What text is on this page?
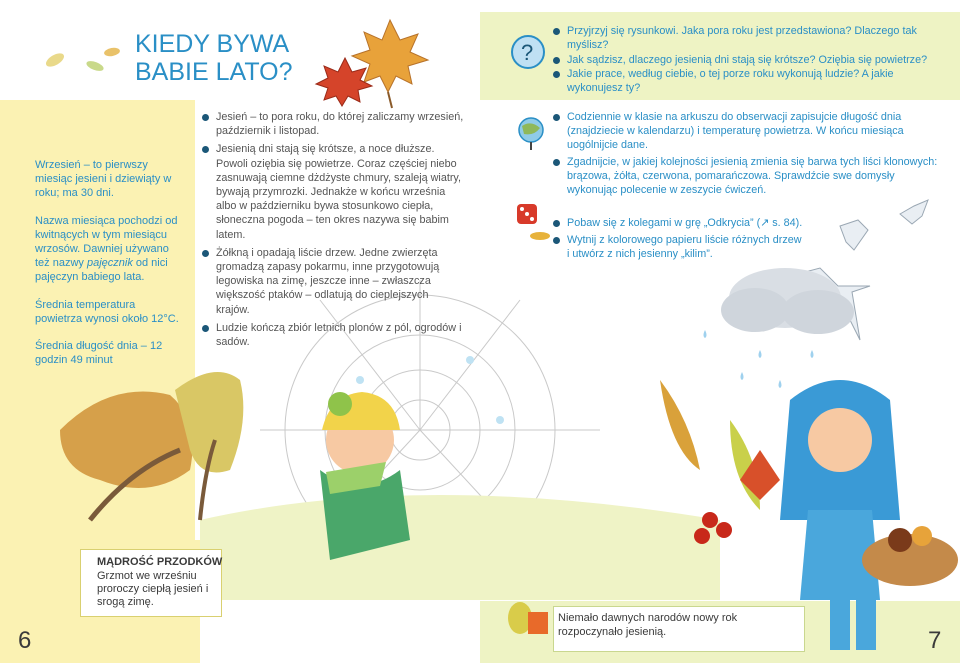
?
KIEDY BYWA
BABIE LATO?

Wrzesień – to pierwszy miesiąc jesieni i dziewiąty w roku; ma 30 dni.

Nazwa miesiąca pochodzi od kwitnących w tym miesiącu wrzosów. Dawniej używano też nazwy pajęcznik od nici pajęczyn babiego lata.

Średnia temperatura powietrza wynosi około 12°C.

Średnia długość dnia – 12 godzin 49 minut

Przyjrzyj się rysunkowi. Jaka pora roku jest przedstawiona? Dlaczego tak myślisz?
Jak sądzisz, dlaczego jesienią dni stają się krótsze? Oziębia się powietrze?
Jakie prace, według ciebie, o tej porze roku wykonują ludzie? A jakie wykonujesz ty?
Jesień – to pora roku, do której zaliczamy wrzesień, październik i listopad.
Jesienią dni stają się krótsze, a noce dłuższe. Powoli oziębia się powietrze. Coraz częściej niebo zasnuwają ciemne dżdżyste chmury, szaleją wiatry, bywają przymrozki. Jednakże w końcu września albo w październiku bywa stosunkowo ciepła, słoneczna pogoda – ten okres nazywa się babim latem.
Żółkną i opadają liście drzew. Jedne zwierzęta gromadzą zapasy pokarmu, inne przygotowują legowiska na zimę, jeszcze inne – zwłaszcza większość ptaków – odlatują do cieplejszych krajów.
Ludzie kończą zbiór letnich plonów z pól, ogrodów i sadów.
Codziennie w klasie na arkuszu do obserwacji zapisujcie długość dnia (znajdziecie w kalendarzu) i temperaturę powietrza. W końcu miesiąca uogólnijcie dane.
Zgadnijcie, w jakiej kolejności jesienią zmienia się barwa tych liści klonowych: brązowa, żółta, czerwona, pomarańczowa. Sprawdźcie swe domysły wykonując polecenie w zeszycie ćwiczeń.
Pobaw się z kolegami w grę „Odkrycia” (↗ s. 84).
Wytnij z kolorowego papieru liście różnych drzew i utwórz z nich jesienny „kilim”.
MĄDROŚĆ PRZODKÓW
Grzmot we wrześniu proroczy ciepłą jesień i srogą zimę.
Niemało dawnych narodów nowy rok rozpoczynało jesienią.
6	7
